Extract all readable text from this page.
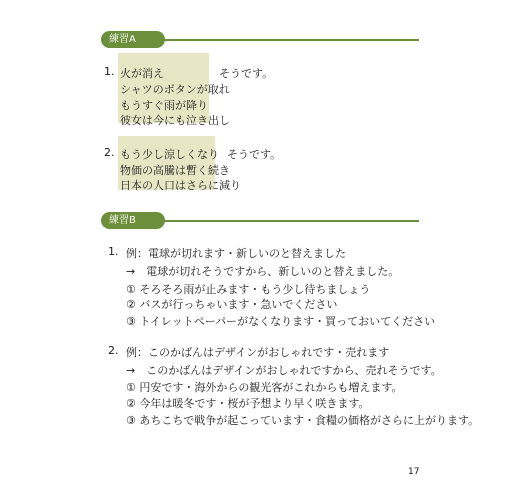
練習A
1. 火が消え
シャツのボタンが取れ
もうすぐ雨が降り
彼女は今にも泣き出し
そうです。
2. もう少し涼しくなり
物価の高騰は暫く続き
日本の人口はさらに減り
そうです。
練習B
1. 例：電球が切れます・新しいのと替えました
→　電球が切れそうですから、新しいのと替えました。
① そろそろ雨が止みます・もう少し待ちましょう
② バスが行っちゃいます・急いでください
③ トイレットペーパーがなくなります・買っておいてください
2. 例：このかばんはデザインがおしゃれです・売れます
→　このかばんはデザインがおしゃれですから、売れそうです。
① 円安です・海外からの観光客がこれからも増えます。
② 今年は暖冬です・桜が予想より早く咲きます。
③ あちこちで戦争が起こっています・食糧の価格がさらに上がります。
17
